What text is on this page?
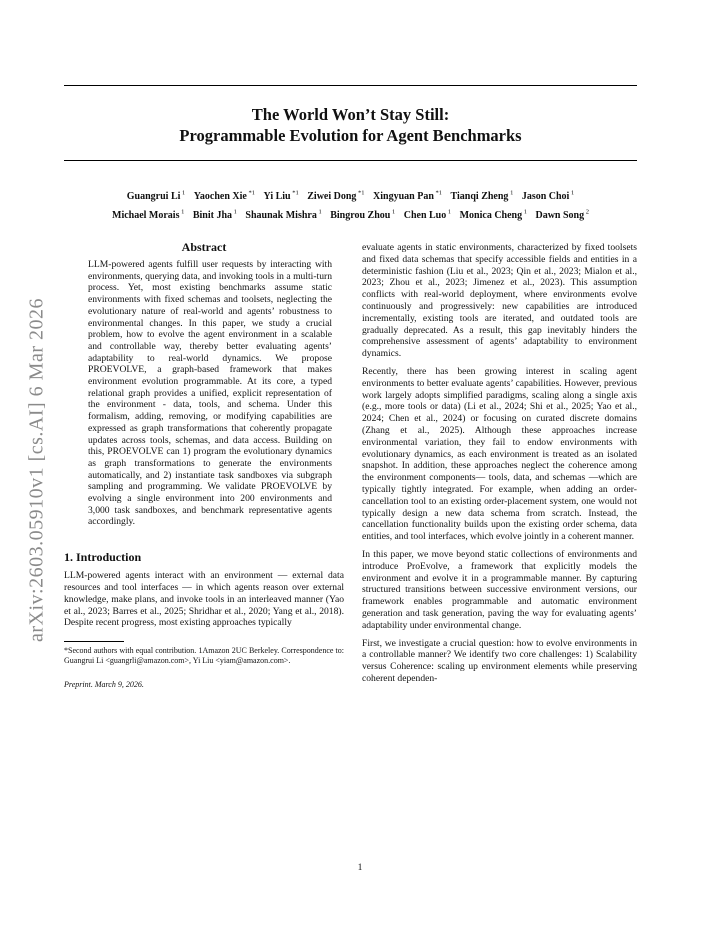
The World Won’t Stay Still:
Programmable Evolution for Agent Benchmarks
Guangrui Li $^1$ Yaochen Xie $^{*1}$ Yi Liu $^{*1}$ Ziwei Dong $^{*1}$ Xingyuan Pan $^{*1}$ Tianqi Zheng $^1$ Jason Choi $^1$
Michael Morais $^1$ Binit Jha $^1$ Shaunak Mishra $^1$ Bingrou Zhou $^1$ Chen Luo $^1$ Monica Cheng $^1$ Dawn Song $^2$
arXiv:2603.05910v1 [cs.AI] 6 Mar 2026
Abstract
LLM-powered agents fulfill user requests by interacting with environments, querying data, and invoking tools in a multi-turn process. Yet, most existing benchmarks assume static environments with fixed schemas and toolsets, neglecting the evolutionary nature of real-world and agents’ robustness to environmental changes. In this paper, we study a crucial problem, how to evolve the agent environment in a scalable and controllable way, thereby better evaluating agents’ adaptability to real-world dynamics. We propose PROEVOLVE, a graph-based framework that makes environment evolution programmable. At its core, a typed relational graph provides a unified, explicit representation of the environment - data, tools, and schema. Under this formalism, adding, removing, or modifying capabilities are expressed as graph transformations that coherently propagate updates across tools, schemas, and data access. Building on this, PROEVOLVE can 1) program the evolutionary dynamics as graph transformations to generate the environments automatically, and 2) instantiate task sandboxes via subgraph sampling and programming. We validate PROEVOLVE by evolving a single environment into 200 environments and 3,000 task sandboxes, and benchmark representative agents accordingly.
1. Introduction
LLM-powered agents interact with an environment — external data resources and tool interfaces — in which agents reason over external knowledge, make plans, and invoke tools in an interleaved manner (Yao et al., 2023; Barres et al., 2025; Shridhar et al., 2020; Yang et al., 2018). Despite recent progress, most existing approaches typically
*Second authors with equal contribution. 1Amazon 2UC Berkeley. Correspondence to: Guangrui Li <guangrli@amazon.com>, Yi Liu <yiam@amazon.com>.
Preprint. March 9, 2026.
evaluate agents in static environments, characterized by fixed toolsets and fixed data schemas that specify accessible fields and entities in a deterministic fashion (Liu et al., 2023; Qin et al., 2023; Mialon et al., 2023; Zhou et al., 2023; Jimenez et al., 2023). This assumption conflicts with real-world deployment, where environments evolve continuously and progressively: new capabilities are introduced incrementally, existing tools are iterated, and outdated tools are gradually deprecated. As a result, this gap inevitably hinders the comprehensive assessment of agents’ adaptability to environment dynamics.
Recently, there has been growing interest in scaling agent environments to better evaluate agents’ capabilities. However, previous work largely adopts simplified paradigms, scaling along a single axis (e.g., more tools or data) (Li et al., 2024; Shi et al., 2025; Yao et al., 2024; Chen et al., 2024) or focusing on curated discrete domains (Zhang et al., 2025). Although these approaches increase environmental variation, they fail to endow environments with evolutionary dynamics, as each environment is treated as an isolated snapshot. In addition, these approaches neglect the coherence among the environment components— tools, data, and schemas —which are typically tightly integrated. For example, when adding an order-cancellation tool to an existing order-placement system, one would not typically design a new data schema from scratch. Instead, the cancellation functionality builds upon the existing order schema, data entities, and tool interfaces, which evolve jointly in a coherent manner.
In this paper, we move beyond static collections of environments and introduce ProEvolve, a framework that explicitly models the environment and evolve it in a programmable manner. By capturing structured transitions between successive environment versions, our framework enables programmable and automatic environment generation and task generation, paving the way for evaluating agents’ adaptability under environmental change.
First, we investigate a crucial question: how to evolve environments in a controllable manner? We identify two core challenges: 1) Scalability versus Coherence: scaling up environment elements while preserving coherent dependen-
1
